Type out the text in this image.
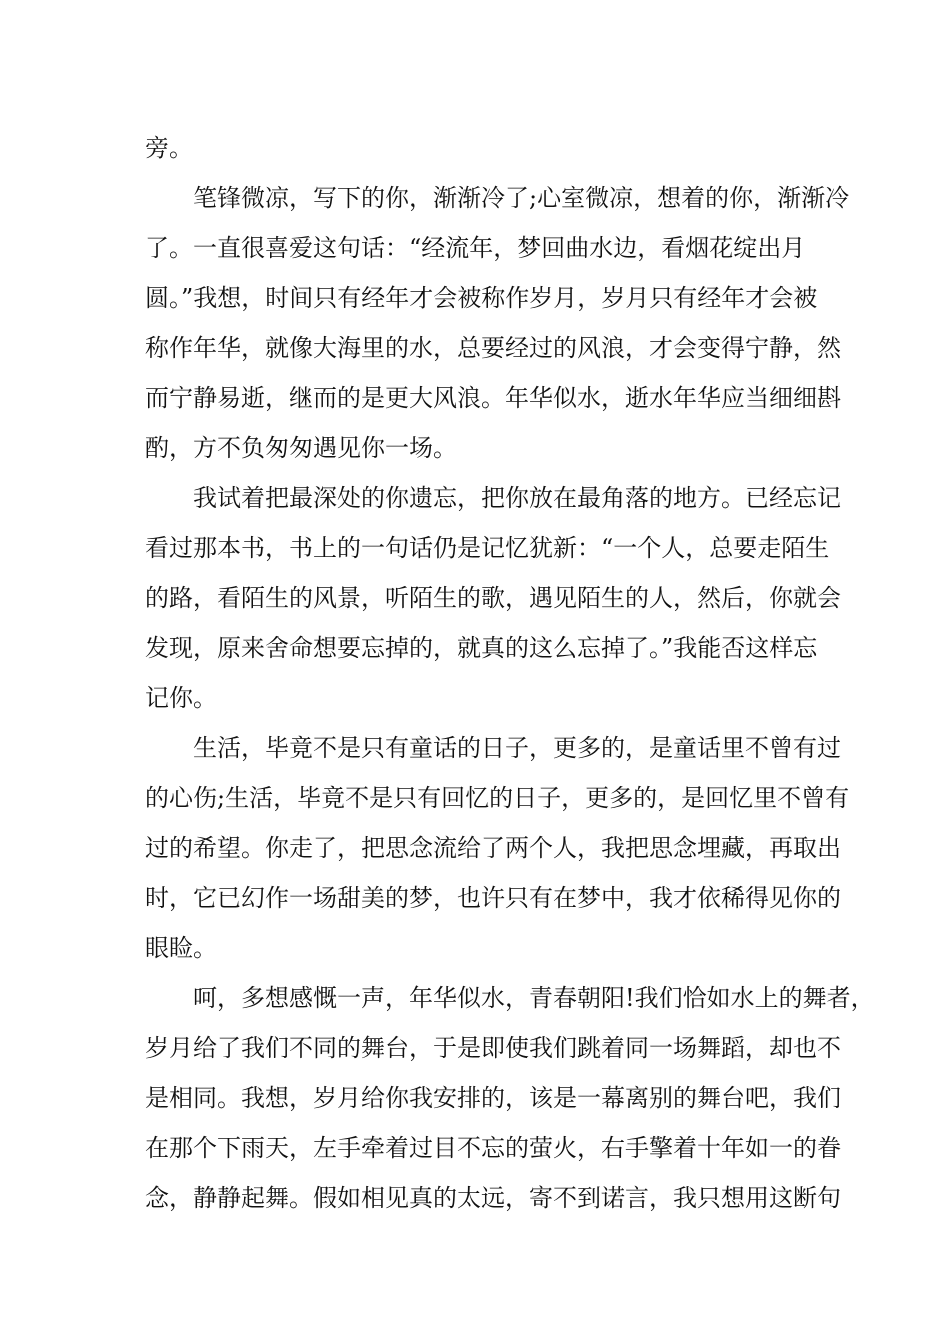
旁。
　　笔锋微凉，写下的你，渐渐冷了;心室微凉，想着的你，渐渐冷
了。一直很喜爱这句话：“经流年，梦回曲水边，看烟花绽出月
圆。”我想，时间只有经年才会被称作岁月，岁月只有经年才会被
称作年华，就像大海里的水，总要经过的风浪，才会变得宁静，然
而宁静易逝，继而的是更大风浪。年华似水，逝水年华应当细细斟
酌，方不负匆匆遇见你一场。
　　我试着把最深处的你遗忘，把你放在最角落的地方。已经忘记
看过那本书，书上的一句话仍是记忆犹新：“一个人，总要走陌生
的路，看陌生的风景，听陌生的歌，遇见陌生的人，然后，你就会
发现，原来舍命想要忘掉的，就真的这么忘掉了。”我能否这样忘
记你。
　　生活，毕竟不是只有童话的日子，更多的，是童话里不曾有过
的心伤;生活，毕竟不是只有回忆的日子，更多的，是回忆里不曾有
过的希望。你走了，把思念流给了两个人，我把思念埋藏，再取出
时，它已幻作一场甜美的梦，也许只有在梦中，我才依稀得见你的
眼睑。
　　呵，多想感慨一声，年华似水，青春朝阳!我们恰如水上的舞者，
岁月给了我们不同的舞台，于是即使我们跳着同一场舞蹈，却也不
是相同。我想，岁月给你我安排的，该是一幕离别的舞台吧，我们
在那个下雨天，左手牵着过目不忘的萤火，右手擎着十年如一的眷
念，静静起舞。假如相见真的太远，寄不到诺言，我只想用这断句
